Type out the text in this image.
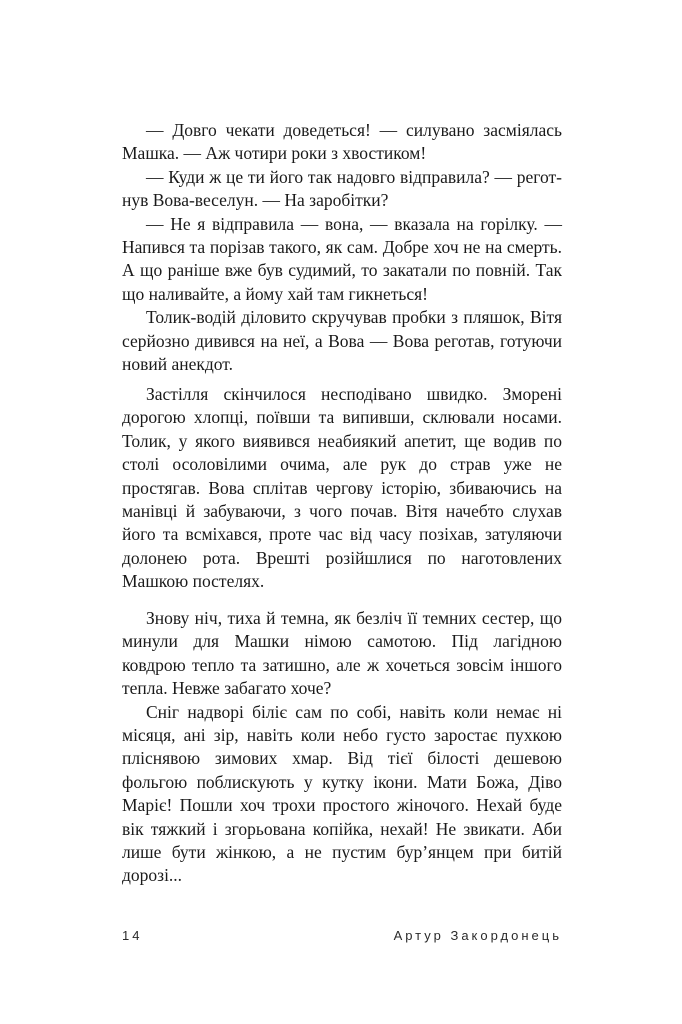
— Довго чекати доведеться! — силувано засміялась Машка. — Аж чотири роки з хвостиком!

— Куди ж це ти його так надовго відправила? — реготнув Вова-веселун. — На заробітки?

— Не я відправила — вона, — вказала на горілку. — Напився та порізав такого, як сам. Добре хоч не на смерть. А що раніше вже був судимий, то закатали по повній. Так що наливайте, а йому хай там гикнеться!

Толик-водій діловито скручував пробки з пляшок, Вітя серйозно дивився на неї, а Вова — Вова реготав, готуючи новий анекдот.

Застілля скінчилося несподівано швидко. Зморені дорогою хлопці, поївши та випивши, склювали носами. Толик, у якого виявився неабиякий апетит, ще водив по столі осоловілими очима, але рук до страв уже не простягав. Вова сплітав чергову історію, збиваючись на манівці й забуваючи, з чого почав. Вітя начебто слухав його та всміхався, проте час від часу позіхав, затуляючи долонею рота. Врешті розійшлися по наготовлених Машкою постелях.

Знову ніч, тиха й темна, як безліч її темних сестер, що минули для Машки німою самотою. Під лагідною ковдрою тепло та затишно, але ж хочеться зовсім іншого тепла. Невже забагато хоче?

Сніг надворі біліє сам по собі, навіть коли немає ні місяця, ані зір, навіть коли небо густо заростає пухкою пліснявою зимових хмар. Від тієї білості дешевою фольгою поблискують у кутку ікони. Мати Божа, Діво Маріє! Пошли хоч трохи простого жіночого. Нехай буде вік тяжкий і згорьована копійка, нехай! Не звикати. Аби лише бути жінкою, а не пустим бур’янцем при битій дорозі...

14	Артур Закордонець
